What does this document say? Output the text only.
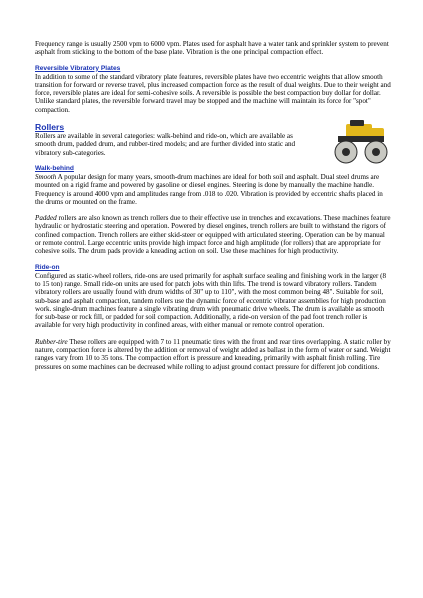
Frequency range is usually 2500 vpm to 6000 vpm. Plates used for asphalt have a water tank and sprinkler system to prevent asphalt from sticking to the bottom of the base plate. Vibration is the one principal compaction effect.

Reversible Vibratory Plates

In addition to some of the standard vibratory plate features, reversible plates have two eccentric weights that allow smooth transition for forward or reverse travel, plus increased compaction force as the result of dual weights. Due to their weight and force, reversible plates are ideal for semi-cohesive soils. A reversible is possible the best compaction buy dollar for dollar. Unlike standard plates, the reversible forward travel may be stopped and the machine will maintain its force for "spot" compaction.

Rollers

Rollers are available in several categories: walk-behind and ride-on, which are available as smooth drum, padded drum, and rubber-tired models; and are further divided into static and vibratory sub-categories.

Walk-behind

Smooth A popular design for many years, smooth-drum machines are ideal for both soil and asphalt. Dual steel drums are mounted on a rigid frame and powered by gasoline or diesel engines. Steering is done by manually the machine handle. Frequency is around 4000 vpm and amplitudes range from .018 to .020. Vibration is provided by eccentric shafts placed in the drums or mounted on the frame.

Padded rollers are also known as trench rollers due to their effective use in trenches and excavations. These machines feature hydraulic or hydrostatic steering and operation. Powered by diesel engines, trench rollers are built to withstand the rigors of confined compaction. Trench rollers are either skid-steer or equipped with articulated steering. Operation can be by manual or remote control. Large eccentric units provide high impact force and high amplitude (for rollers) that are appropriate for cohesive soils. The drum pads provide a kneading action on soil. Use these machines for high productivity.

Ride-on

Configured as static-wheel rollers, ride-ons are used primarily for asphalt surface sealing and finishing work in the larger (8 to 15 ton) range. Small ride-on units are used for patch jobs with thin lifts. The trend is toward vibratory rollers. Tandem vibratory rollers are usually found with drum widths of 30" up to 110", with the most common being 48". Suitable for soil, sub-base and asphalt compaction, tandem rollers use the dynamic force of eccentric vibrator assemblies for high production work. single-drum machines feature a single vibrating drum with pneumatic drive wheels. The drum is available as smooth for sub-base or rock fill, or padded for soil compaction. Additionally, a ride-on version of the pad foot trench roller is available for very high productivity in confined areas, with either manual or remote control operation.

Rubber-tire These rollers are equipped with 7 to 11 pneumatic tires with the front and rear tires overlapping. A static roller by nature, compaction force is altered by the addition or removal of weight added as ballast in the form of water or sand. Weight ranges vary from 10 to 35 tons. The compaction effort is pressure and kneading, primarily with asphalt finish rolling. Tire pressures on some machines can be decreased while rolling to adjust ground contact pressure for different job conditions.
